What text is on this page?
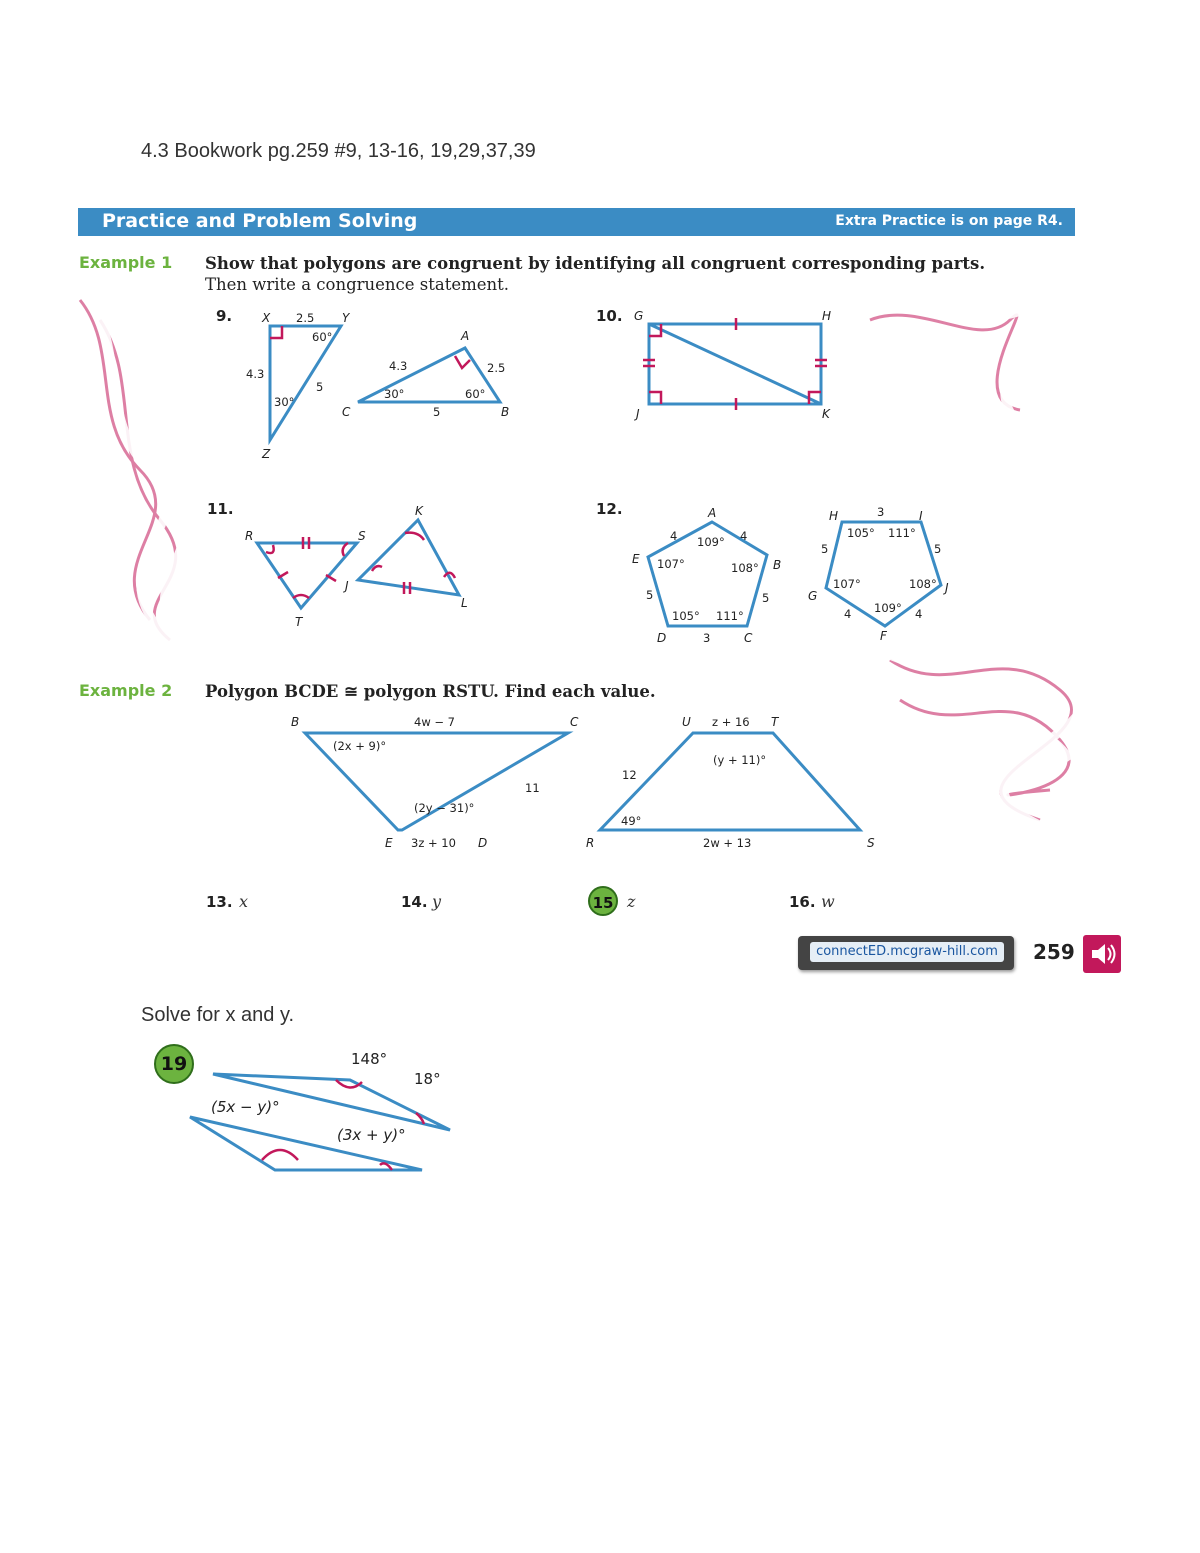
4.3 Bookwork pg.259 #9, 13-16, 19,29,37,39
Practice and Problem Solving	Extra Practice is on page R4.
Example 1 Show that polygons are congruent by identifying all congruent corresponding parts.
Then write a congruence statement.
9.	10.
11.	12.
X	Y
Z
2.5
4.3
5
60°
30°
A
B
C
4.3	2.5
5
30°	60°
G	H
J	K
R	S
T
J
K
L
A
B
C
D
E
4	4
5
3
5
109°
108°
111°
105°
107°
H	I
J
F
G
3
5
4
4
5
105° 111°
108°
109°
107°
B	C
D
E
4w − 7
(2x + 9)°
(2y − 31)°
11
3z + 10
U	T
R	S
z + 16
(y + 11)°
12
49°
2w + 13
148°
18°
(5x − y)°
(3x + y)°
Example 2 Polygon BCDE ≅ polygon RSTU. Find each value.
13. x	14. y	15 z	16. w
connectED.mcgraw-hill.com	259
Solve for x and y.
19
